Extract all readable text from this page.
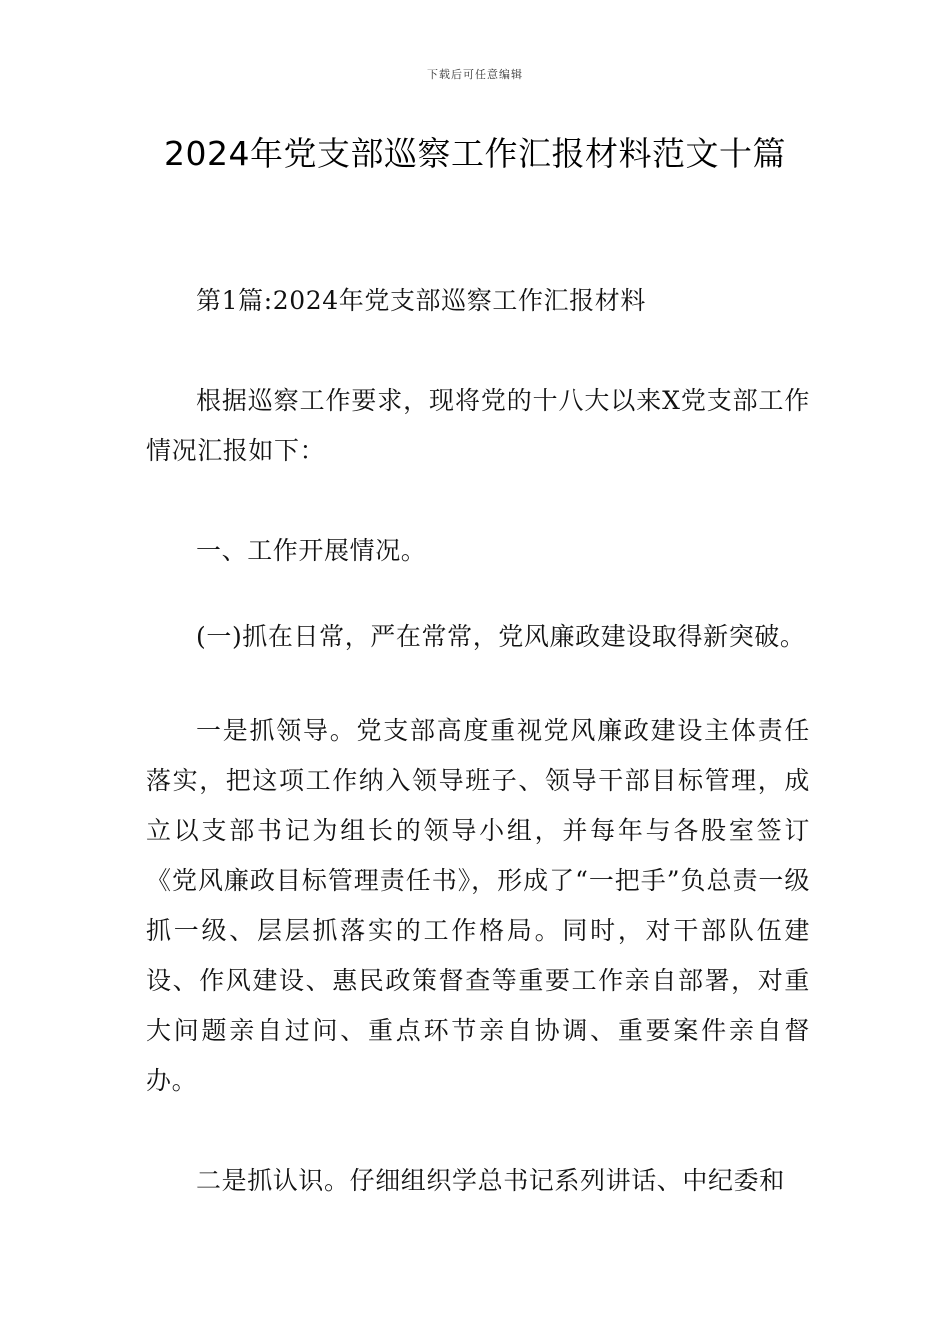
下载后可任意编辑
2024年党支部巡察工作汇报材料范文十篇

第1篇:2024年党支部巡察工作汇报材料

根据巡察工作要求，现将党的十八大以来X党支部工作情况汇报如下：

一、工作开展情况。

(一)抓在日常，严在常常，党风廉政建设取得新突破。

一是抓领导。党支部高度重视党风廉政建设主体责任落实，把这项工作纳入领导班子、领导干部目标管理，成立以支部书记为组长的领导小组，并每年与各股室签订《党风廉政目标管理责任书》，形成了“一把手”负总责一级抓一级、层层抓落实的工作格局。同时，对干部队伍建设、作风建设、惠民政策督查等重要工作亲自部署，对重大问题亲自过问、重点环节亲自协调、重要案件亲自督办。

二是抓认识。仔细组织学总书记系列讲话、中纪委和
